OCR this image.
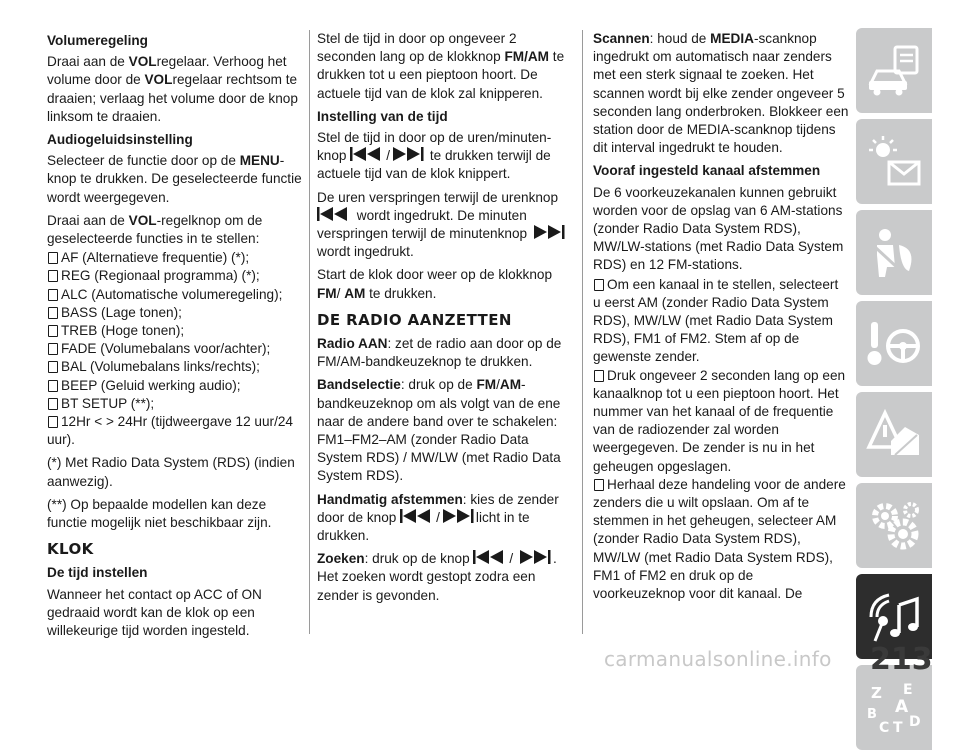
Volumeregeling

Draai aan de VOLregelaar. Verhoog het volume door de VOLregelaar rechtsom te draaien; verlaag het volume door de knop linksom te draaien.

Audiogeluidsinstelling

Selecteer de functie door op de MENU-knop te drukken. De geselecteerde functie wordt weergegeven.

Draai aan de VOL-regelknop om de geselecteerde functies in te stellen:

AF (Alternatieve frequentie) (*);
REG (Regionaal programma) (*);
ALC (Automatische volumeregeling);
BASS (Lage tonen);
TREB (Hoge tonen);
FADE (Volumebalans voor/achter);
BAL (Volumebalans links/rechts);
BEEP (Geluid werking audio);
BT SETUP (**);
12Hr < > 24Hr (tijdweergave 12 uur/24 uur).

(*) Met Radio Data System (RDS) (indien aanwezig).

(**) Op bepaalde modellen kan deze functie mogelijk niet beschikbaar zijn.

KLOK
De tijd instellen

Wanneer het contact op ACC of ON gedraaid wordt kan de klok op een willekeurige tijd worden ingesteld.

Stel de tijd in door op ongeveer 2 seconden lang op de klokknop FM/AM te drukken tot u een pieptoon hoort. De actuele tijd van de klok zal knipperen.

Instelling van de tijd

Stel de tijd in door op de uren/minuten-knop	/	te drukken terwijl de actuele tijd van de klok knippert.

De uren verspringen terwijl de urenknop
wordt ingedrukt. De minuten verspringen terwijl de minutenknop
wordt ingedrukt.

Start de klok door weer op de klokknop FM/ AM te drukken.

DE RADIO AANZETTEN

Radio AAN: zet de radio aan door op de FM/AM-bandkeuzeknop te drukken.

Bandselectie: druk op de FM/AM-bandkeuzeknop om als volgt van de ene naar de andere band over te schakelen: FM1–FM2–AM (zonder Radio Data System RDS) / MW/LW (met Radio Data System RDS).

Handmatig afstemmen: kies de zender door de knop	/	licht in te drukken.

Zoeken: druk op de knop	/	. Het zoeken wordt gestopt zodra een zender is gevonden.

Scannen: houd de MEDIA-scanknop ingedrukt om automatisch naar zenders met een sterk signaal te zoeken. Het scannen wordt bij elke zender ongeveer 5 seconden lang onderbroken. Blokkeer een station door de MEDIA-scanknop tijdens dit interval ingedrukt te houden.

Vooraf ingesteld kanaal afstemmen

De 6 voorkeuzekanalen kunnen gebruikt worden voor de opslag van 6 AM-stations (zonder Radio Data System RDS), MW/LW-stations (met Radio Data System RDS) en 12 FM-stations.

Om een kanaal in te stellen, selecteert u eerst AM (zonder Radio Data System RDS), MW/LW (met Radio Data System RDS), FM1 of FM2. Stem af op de gewenste zender.
Druk ongeveer 2 seconden lang op een kanaalknop tot u een pieptoon hoort. Het nummer van het kanaal of de frequentie van de radiozender zal worden weergegeven. De zender is nu in het geheugen opgeslagen.
Herhaal deze handeling voor de andere zenders die u wilt opslaan. Om af te stemmen in het geheugen, selecteer AM (zonder Radio Data System RDS), MW/LW (met Radio Data System RDS), FM1 of FM2 en druk op de voorkeuzeknop voor dit kanaal. De
Z E
A
B
C T D
213
carmanualsonline.info
